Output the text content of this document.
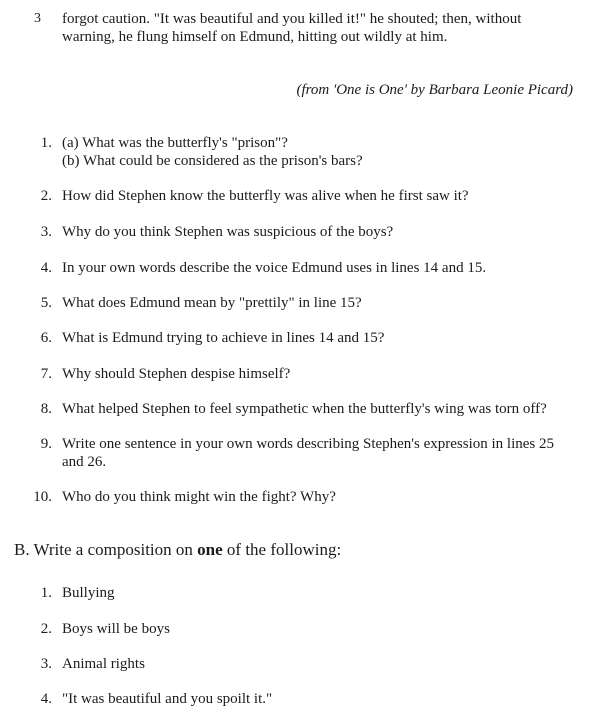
3 forgot caution. "It was beautiful and you killed it!" he shouted; then, without
warning, he flung himself on Edmund, hitting out wildly at him.
(from 'One is One' by Barbara Leonie Picard)
1. (a) What was the butterfly's "prison"?
(b) What could be considered as the prison's bars?
2. How did Stephen know the butterfly was alive when he first saw it?
3. Why do you think Stephen was suspicious of the boys?
4. In your own words describe the voice Edmund uses in lines 14 and 15.
5. What does Edmund mean by "prettily" in line 15?
6. What is Edmund trying to achieve in lines 14 and 15?
7. Why should Stephen despise himself?
8. What helped Stephen to feel sympathetic when the butterfly's wing was torn off?
9. Write one sentence in your own words describing Stephen's expression in lines 25
and 26.
10. Who do you think might win the fight? Why?
B. Write a composition on one of the following:
1. Bullying
2. Boys will be boys
3. Animal rights
4. "It was beautiful and you spoilt it."
